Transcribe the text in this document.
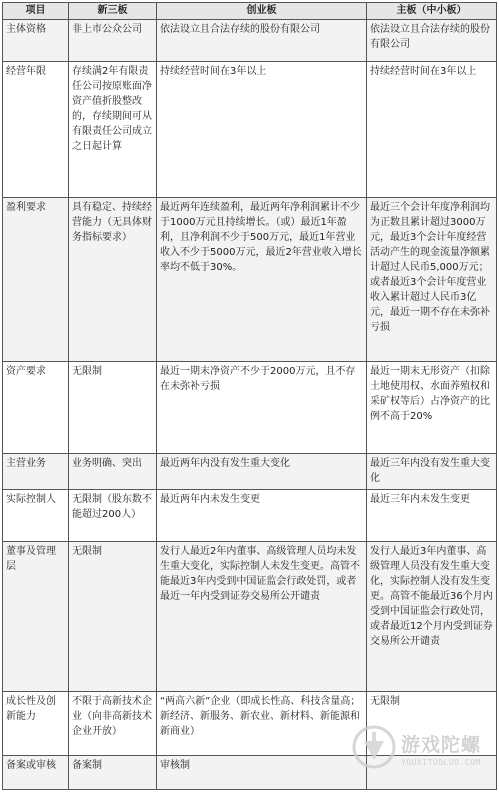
项目	新三板	创业板	主板（中小板）
主体资格	非上市公众公司	依法设立且合法存续的股份有限公司	依法设立且合法存续的股份有限公司
经营年限	存续满2年有限责任公司按原账面净资产值折股整改的，存续期间可从有限责任公司成立之日起计算	持续经营时间在3年以上	持续经营时间在3年以上
盈利要求	具有稳定、持续经营能力（无具体财务指标要求）	最近两年连续盈利，最近两年净利润累计不少于1000万元且持续增长。（或）最近1年盈利，且净利润不少于500万元，最近1年营业收入不少于5000万元，最近2年营业收入增长率均不低于30%。	最近三个会计年度净利润均为正数且累计超过3000万元，最近3个会计年度经营活动产生的现金流量净额累计超过人民币5,000万元；或者最近3个会计年度营业收入累计超过人民币3亿元，最近一期不存在未弥补亏损
资产要求	无限制	最近一期末净资产不少于2000万元，且不存在未弥补亏损	最近一期末无形资产（扣除土地使用权、水面养殖权和采矿权等后）占净资产的比例不高于20%
主营业务	业务明确、突出	最近两年内没有发生重大变化	最近三年内没有发生重大变化
实际控制人	无限制（股东数不能超过200人）	最近两年内未发生变更	最近三年内未发生变更
董事及管理层	无限制	发行人最近2年内董事、高级管理人员均未发生重大变化，实际控制人未发生变更。高管不能最近3年内受到中国证监会行政处罚，或者最近一年内受到证券交易所公开谴责	发行人最近3年内董事、高级管理人员没有发生重大变化，实际控制人没有发生变更。高管不能最近36个月内受到中国证监会行政处罚，或者最近12个月内受到证券交易所公开谴责
成长性及创新能力	不限于高新技术企业（向非高新技术企业开放）	“两高六新”企业（即成长性高、科技含量高；新经济、新服务、新农业、新材料、新能源和新商业）	无限制
备案或审核	备案制	审核制	
游戏陀螺
YOUXITUOLUO.COM
